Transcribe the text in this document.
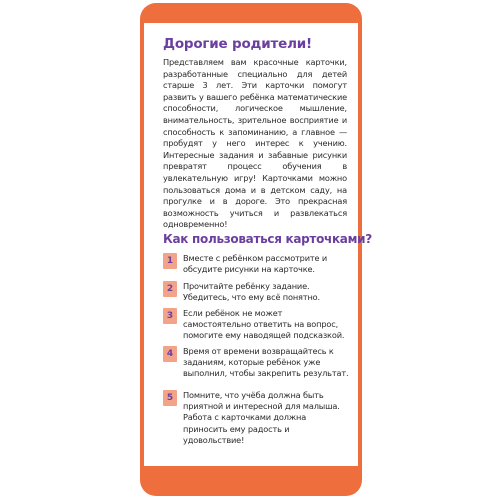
Дорогие родители!

Представляем вам красочные карточки, разработанные специально для детей старше 3 лет. Эти карточки помогут развить у вашего ребёнка математические способности, логическое мышление, внимательность, зрительное восприятие и способность к запоминанию, а главное — пробудят у него интерес к учению. Интересные задания и забавные рисунки превратят процесс обучения в увлекательную игру! Карточками можно пользоваться дома и в детском саду, на прогулке и в дороге. Это прекрасная возможность учиться и развлекаться одновременно!

Как пользоваться карточками?
1	Вместе с ребёнком рассмотрите и обсудите рисунки на карточке.

2	Прочитайте ребёнку задание. Убедитесь, что ему всё понятно.

3	Если ребёнок не может самостоятельно ответить на вопрос, помогите ему наводящей подсказкой.

4	Время от времени возвращайтесь к заданиям, которые ребёнок уже выполнил, чтобы закрепить результат.

5	Помните, что учёба должна быть приятной и интересной для малыша. Работа с карточками должна приносить ему радость и удовольствие!
